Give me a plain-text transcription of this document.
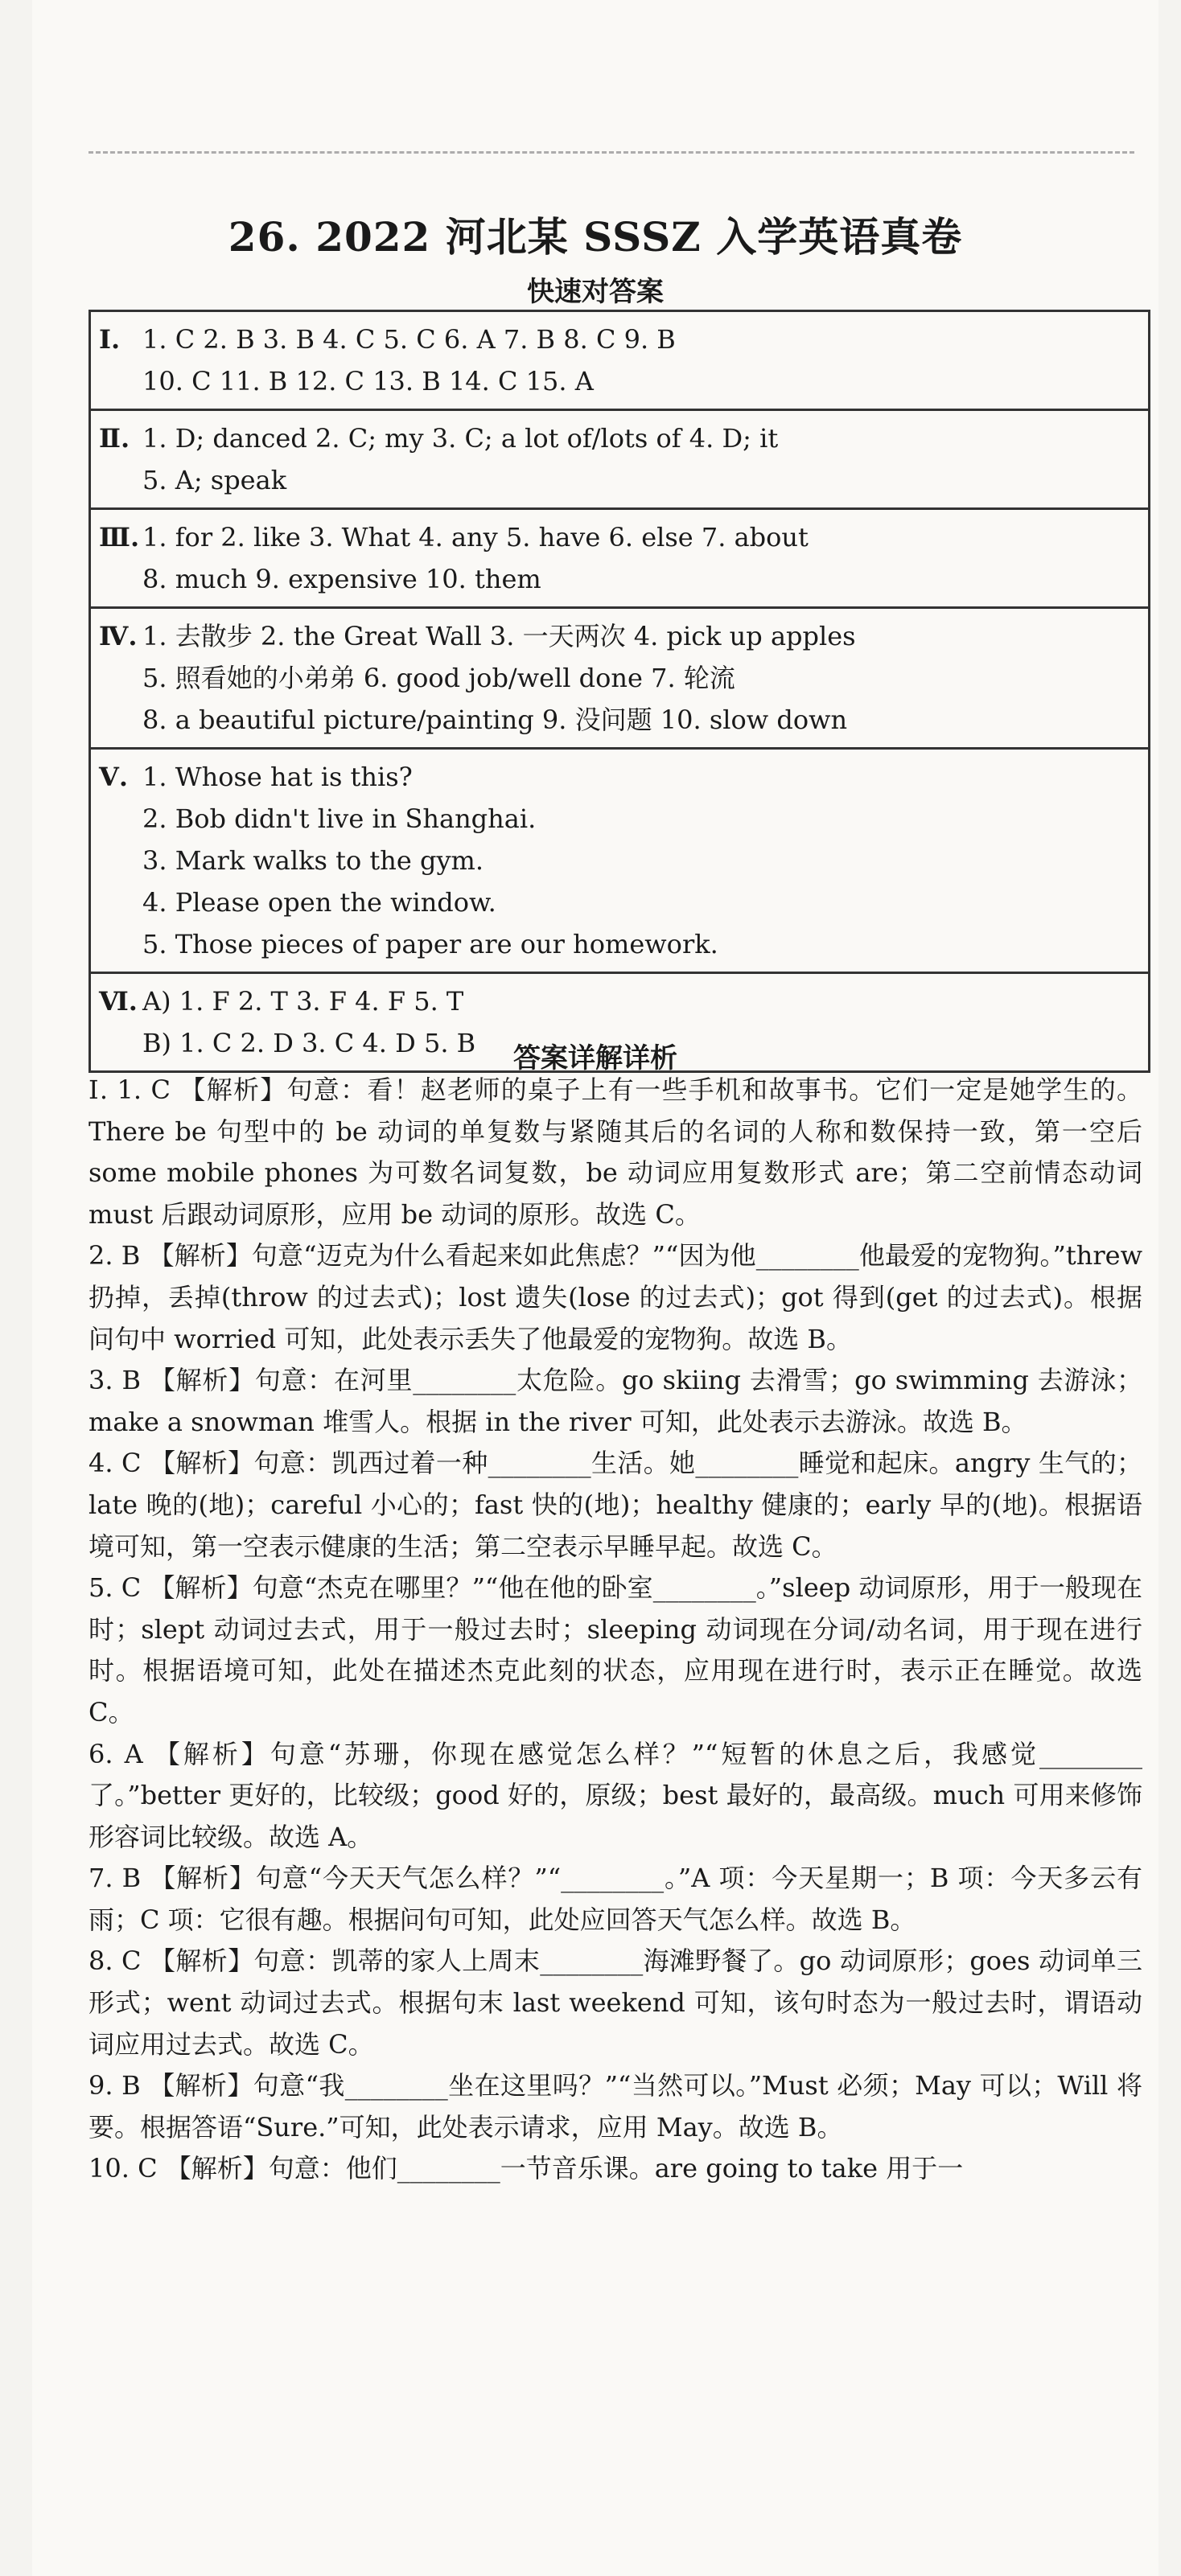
26. 2022 河北某 SSSZ 入学英语真卷
快速对答案
Ⅰ. 1. C 2. B 3. B 4. C 5. C 6. A 7. B 8. C 9. B
10. C 11. B 12. C 13. B 14. C 15. A
Ⅱ. 1. D; danced 2. C; my 3. C; a lot of/lots of 4. D; it
5. A; speak
Ⅲ. 1. for 2. like 3. What 4. any 5. have 6. else 7. about
8. much 9. expensive 10. them
Ⅳ. 1. 去散步 2. the Great Wall 3. 一天两次 4. pick up apples
5. 照看她的小弟弟 6. good job/well done 7. 轮流
8. a beautiful picture/painting 9. 没问题 10. slow down
Ⅴ. 1. Whose hat is this?
2. Bob didn't live in Shanghai.
3. Mark walks to the gym.
4. Please open the window.
5. Those pieces of paper are our homework.
Ⅵ. A) 1. F 2. T 3. F 4. F 5. T
B) 1. C 2. D 3. C 4. D 5. B	答案详解详析

Ⅰ. 1. C 【解析】句意：看！赵老师的桌子上有一些手机和故事书。它们一定是她学生的。There be 句型中的 be 动词的单复数与紧随其后的名词的人称和数保持一致，第一空后 some mobile phones 为可数名词复数，be 动词应用复数形式 are；第二空前情态动词 must 后跟动词原形，应用 be 动词的原形。故选 C。

2. B 【解析】句意“迈克为什么看起来如此焦虑？”“因为他________他最爱的宠物狗。”threw 扔掉，丢掉(throw 的过去式)；lost 遗失(lose 的过去式)；got 得到(get 的过去式)。根据问句中 worried 可知，此处表示丢失了他最爱的宠物狗。故选 B。

3. B 【解析】句意：在河里________太危险。go skiing 去滑雪；go swimming 去游泳；make a snowman 堆雪人。根据 in the river 可知，此处表示去游泳。故选 B。

4. C 【解析】句意：凯西过着一种________生活。她________睡觉和起床。angry 生气的；late 晚的(地)；careful 小心的；fast 快的(地)；healthy 健康的；early 早的(地)。根据语境可知，第一空表示健康的生活；第二空表示早睡早起。故选 C。

5. C 【解析】句意“杰克在哪里？”“他在他的卧室________。”sleep 动词原形，用于一般现在时；slept 动词过去式，用于一般过去时；sleeping 动词现在分词/动名词，用于现在进行时。根据语境可知，此处在描述杰克此刻的状态，应用现在进行时，表示正在睡觉。故选 C。

6. A 【解析】句意“苏珊，你现在感觉怎么样？”“短暂的休息之后，我感觉________了。”better 更好的，比较级；good 好的，原级；best 最好的，最高级。much 可用来修饰形容词比较级。故选 A。

7. B 【解析】句意“今天天气怎么样？”“________。”A 项：今天星期一；B 项：今天多云有雨；C 项：它很有趣。根据问句可知，此处应回答天气怎么样。故选 B。

8. C 【解析】句意：凯蒂的家人上周末________海滩野餐了。go 动词原形；goes 动词单三形式；went 动词过去式。根据句末 last weekend 可知，该句时态为一般过去时，谓语动词应用过去式。故选 C。

9. B 【解析】句意“我________坐在这里吗？”“当然可以。”Must 必须；May 可以；Will 将要。根据答语“Sure.”可知，此处表示请求，应用 May。故选 B。

10. C 【解析】句意：他们________一节音乐课。are going to take 用于一
